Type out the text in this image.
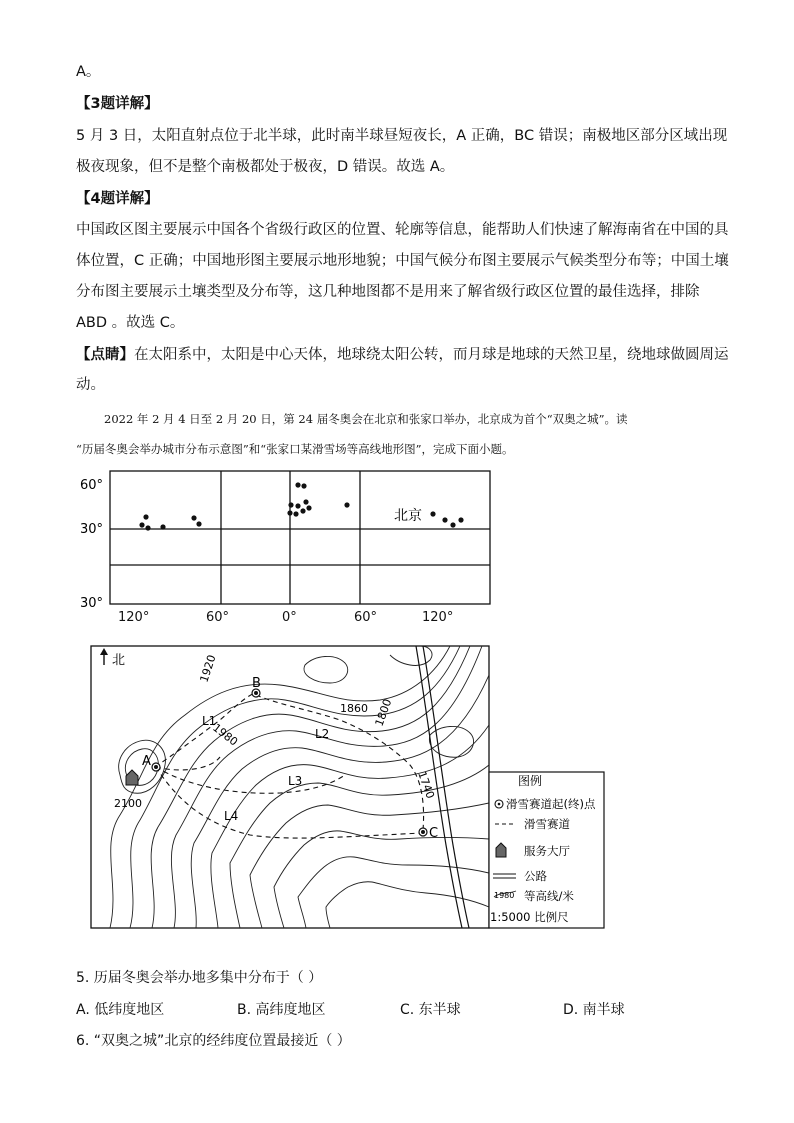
A。
【3题详解】
5 月 3 日，太阳直射点位于北半球，此时南半球昼短夜长，A 正确，BC 错误；南极地区部分区域出现
极夜现象，但不是整个南极都处于极夜，D 错误。故选 A。
【4题详解】
中国政区图主要展示中国各个省级行政区的位置、轮廓等信息，能帮助人们快速了解海南省在中国的具
体位置，C 正确；中国地形图主要展示地形地貌；中国气候分布图主要展示气候类型分布等；中国土壤
分布图主要展示土壤类型及分布等，这几种地图都不是用来了解省级行政区位置的最佳选择，排除
ABD 。故选 C。
【点睛】在太阳系中，太阳是中心天体，地球绕太阳公转，而月球是地球的天然卫星，绕地球做圆周运
动。
2022 年 2 月 4 日至 2 月 20 日，第 24 届冬奥会在北京和张家口举办，北京成为首个“双奥之城”。读
“历届冬奥会举办城市分布示意图”和“张家口某滑雪场等高线地形图”，完成下面小题。
60°
30°
30°
北京
120°	60°	0°	60°	120°
北	1920
1980
1860 1800
2100
1740
L1
L2
L3
L4
A
B
C
图例
滑雪赛道起(终)点
滑雪赛道
服务大厅
公路
1980 等高线/米
1:5000 比例尺
5. 历届冬奥会举办地多集中分布于（ ）
A. 低纬度地区	B. 高纬度地区	C. 东半球	D. 南半球
6. “双奥之城”北京的经纬度位置最接近（ ）
